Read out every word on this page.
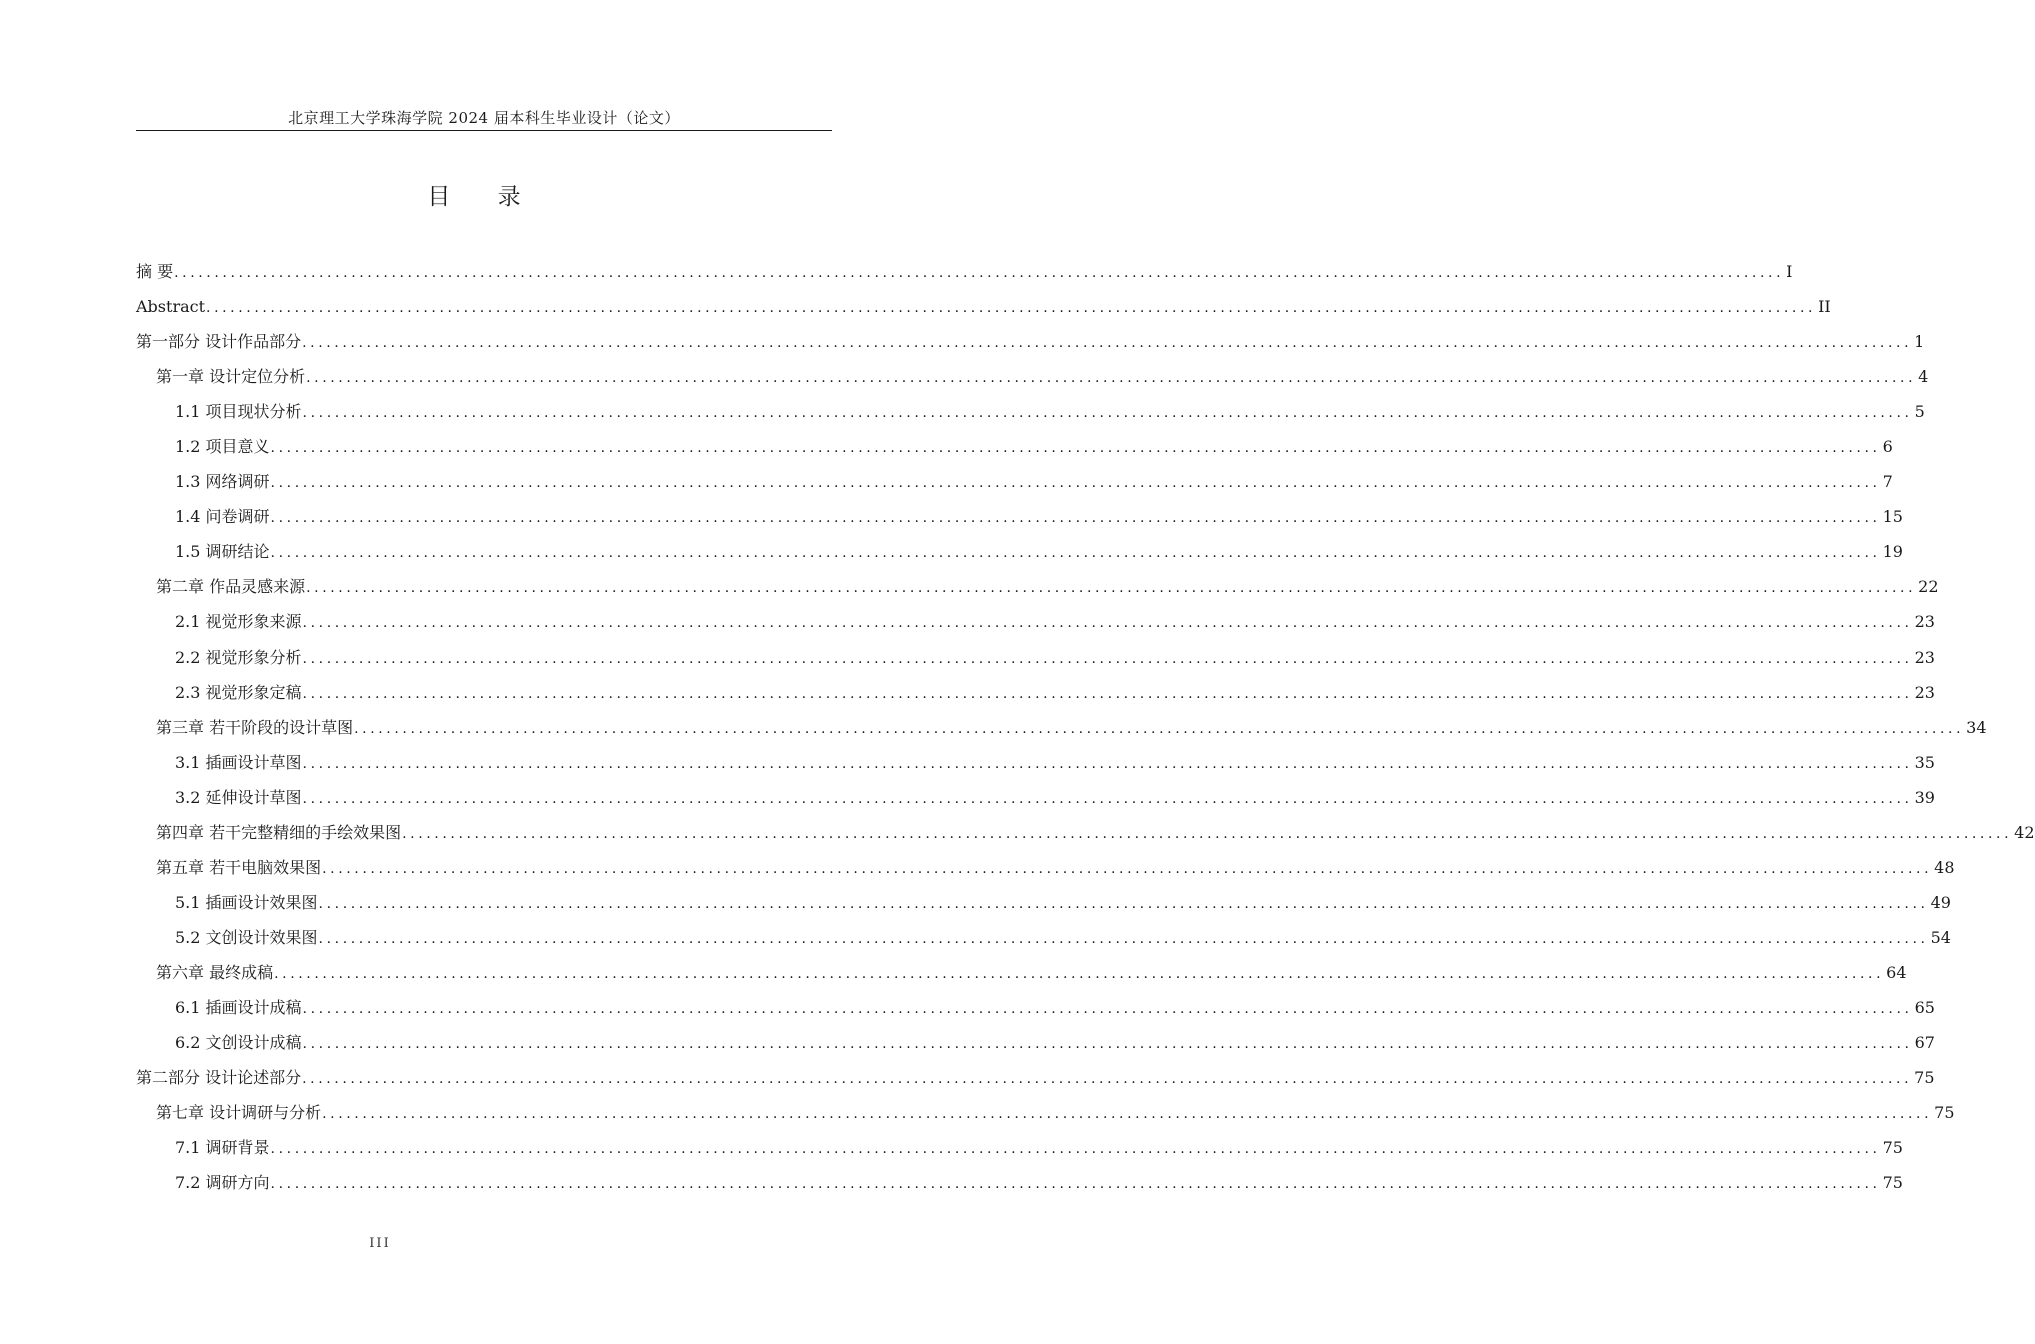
北京理工大学珠海学院 2024 届本科生毕业设计（论文）
目 录
摘 要 ........................................................................................................................................................................................................ I
Abstract ........................................................................................................................................................................................................ II
第一部分 设计作品部分 ........................................................................................................................................................................................................ 1
第一章 设计定位分析 ........................................................................................................................................................................................................ 4
1.1 项目现状分析 ........................................................................................................................................................................................................ 5
1.2 项目意义 ........................................................................................................................................................................................................ 6
1.3 网络调研 ........................................................................................................................................................................................................ 7
1.4 问卷调研 ........................................................................................................................................................................................................ 15
1.5 调研结论 ........................................................................................................................................................................................................ 19
第二章 作品灵感来源 ........................................................................................................................................................................................................ 22
2.1 视觉形象来源 ........................................................................................................................................................................................................ 23
2.2 视觉形象分析 ........................................................................................................................................................................................................ 23
2.3 视觉形象定稿 ........................................................................................................................................................................................................ 23
第三章 若干阶段的设计草图 ........................................................................................................................................................................................................ 34
3.1 插画设计草图 ........................................................................................................................................................................................................ 35
3.2 延伸设计草图 ........................................................................................................................................................................................................ 39
第四章 若干完整精细的手绘效果图 ........................................................................................................................................................................................................ 42
第五章 若干电脑效果图 ........................................................................................................................................................................................................ 48
5.1 插画设计效果图 ........................................................................................................................................................................................................ 49
5.2 文创设计效果图 ........................................................................................................................................................................................................ 54
第六章 最终成稿 ........................................................................................................................................................................................................ 64
6.1 插画设计成稿 ........................................................................................................................................................................................................ 65
6.2 文创设计成稿 ........................................................................................................................................................................................................ 67
第二部分 设计论述部分 ........................................................................................................................................................................................................ 75
第七章 设计调研与分析 ........................................................................................................................................................................................................ 75
7.1 调研背景 ........................................................................................................................................................................................................ 75
7.2 调研方向 ........................................................................................................................................................................................................ 75
III
